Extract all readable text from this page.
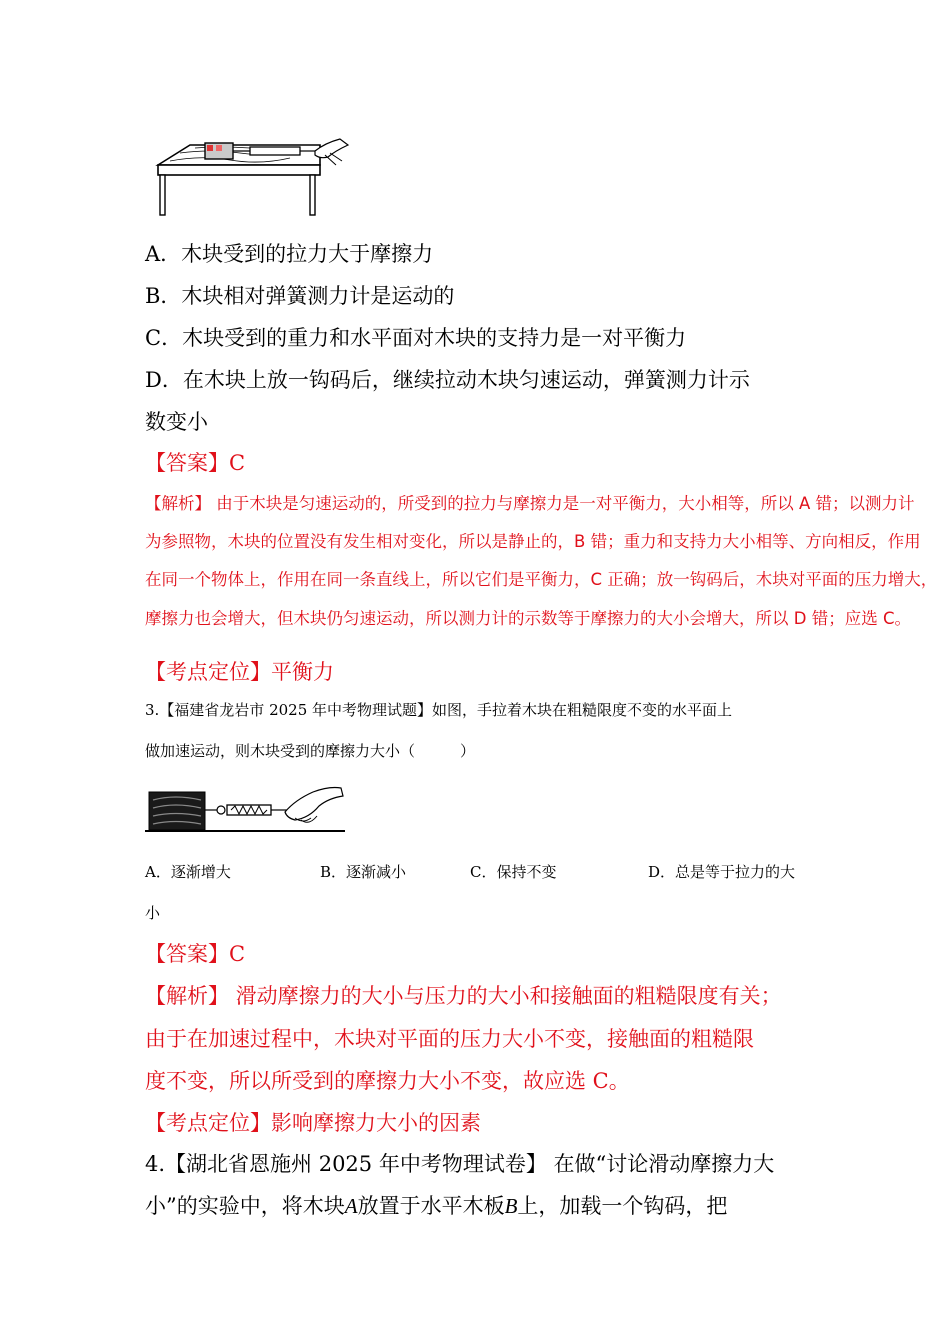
A．木块受到的拉力大于摩擦力
B．木块相对弹簧测力计是运动的
C．木块受到的重力和水平面对木块的支持力是一对平衡力
D．在木块上放一钩码后，继续拉动木块匀速运动，弹簧测力计示
数变小
【答案】C
【解析】 由于木块是匀速运动的，所受到的拉力与摩擦力是一对平衡力，大小相等，所以 A 错；以测力计
为参照物，木块的位置没有发生相对变化，所以是静止的，B 错；重力和支持力大小相等、方向相反，作用
在同一个物体上，作用在同一条直线上，所以它们是平衡力，C 正确；放一钩码后，木块对平面的压力增大，
摩擦力也会增大，但木块仍匀速运动，所以测力计的示数等于摩擦力的大小会增大，所以 D 错；应选 C。
【考点定位】平衡力
3.【福建省龙岩市 2025 年中考物理试题】如图，手拉着木块在粗糙限度不变的水平面上
做加速运动，则木块受到的摩擦力大小（　　　）
A．逐渐增大	B．逐渐减小	C．保持不变	D．总是等于拉力的大
小
【答案】C
【解析】 滑动摩擦力的大小与压力的大小和接触面的粗糙限度有关；
由于在加速过程中，木块对平面的压力大小不变，接触面的粗糙限
度不变，所以所受到的摩擦力大小不变，故应选 C。
【考点定位】影响摩擦力大小的因素
4.【湖北省恩施州 2025 年中考物理试卷】 在做“讨论滑动摩擦力大
小”的实验中，将木块A放置于水平木板B上，加载一个钩码，把
